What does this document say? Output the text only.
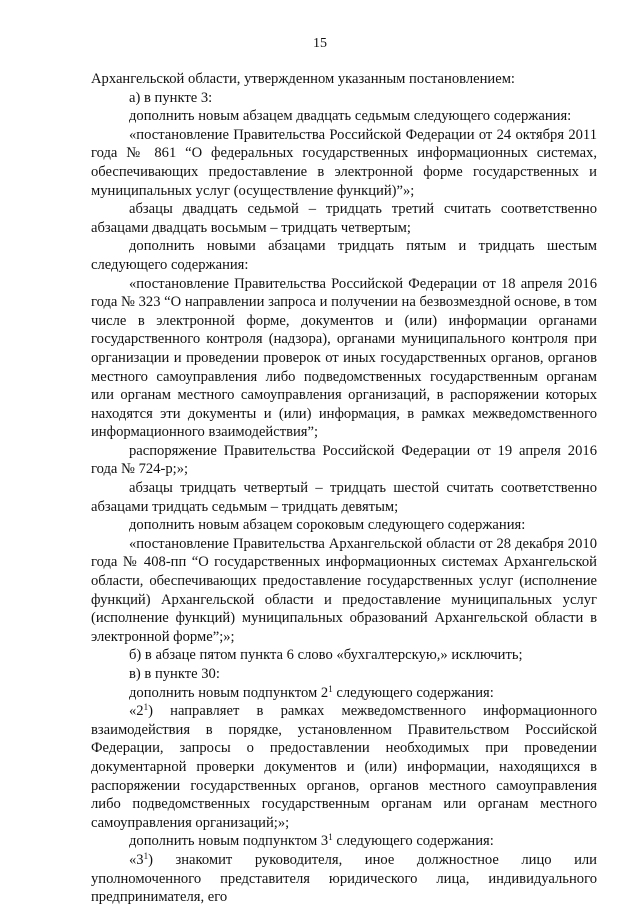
15

Архангельской области, утвержденном указанным постановлением:

а) в пункте 3:

дополнить новым абзацем двадцать седьмым следующего содержания:

«постановление Правительства Российской Федерации от 24 октября 2011 года № 861 “О федеральных государственных информационных системах, обеспечивающих предоставление в электронной форме государственных и муниципальных услуг (осуществление функций)”»;

абзацы двадцать седьмой – тридцать третий считать соответственно абзацами двадцать восьмым – тридцать четвертым;

дополнить новыми абзацами тридцать пятым и тридцать шестым следующего содержания:

«постановление Правительства Российской Федерации от 18 апреля 2016 года № 323 “О направлении запроса и получении на безвозмездной основе, в том числе в электронной форме, документов и (или) информации органами государственного контроля (надзора), органами муниципального контроля при организации и проведении проверок от иных государственных органов, органов местного самоуправления либо подведомственных государственным органам или органам местного самоуправления организаций, в распоряжении которых находятся эти документы и (или) информация, в рамках межведомственного информационного взаимодействия”;

распоряжение Правительства Российской Федерации от 19 апреля 2016 года № 724-р;»;

абзацы тридцать четвертый – тридцать шестой считать соответственно абзацами тридцать седьмым – тридцать девятым;

дополнить новым абзацем сороковым следующего содержания:

«постановление Правительства Архангельской области от 28 декабря 2010 года № 408-пп “О государственных информационных системах Архангельской области, обеспечивающих предоставление государственных услуг (исполнение функций) Архангельской области и предоставление муниципальных услуг (исполнение функций) муниципальных образований Архангельской области в электронной форме”;»;

б) в абзаце пятом пункта 6 слово «бухгалтерскую,» исключить;

в) в пункте 30:

дополнить новым подпунктом $2^1$ следующего содержания:

«$2^1$) направляет в рамках межведомственного информационного взаимодействия в порядке, установленном Правительством Российской Федерации, запросы о предоставлении необходимых при проведении документарной проверки документов и (или) информации, находящихся в распоряжении государственных органов, органов местного самоуправления либо подведомственных государственным органам или органам местного самоуправления организаций;»;

дополнить новым подпунктом $3^1$ следующего содержания:

«$3^1$) знакомит руководителя, иное должностное лицо или уполномоченного представителя юридического лица, индивидуального предпринимателя, его
